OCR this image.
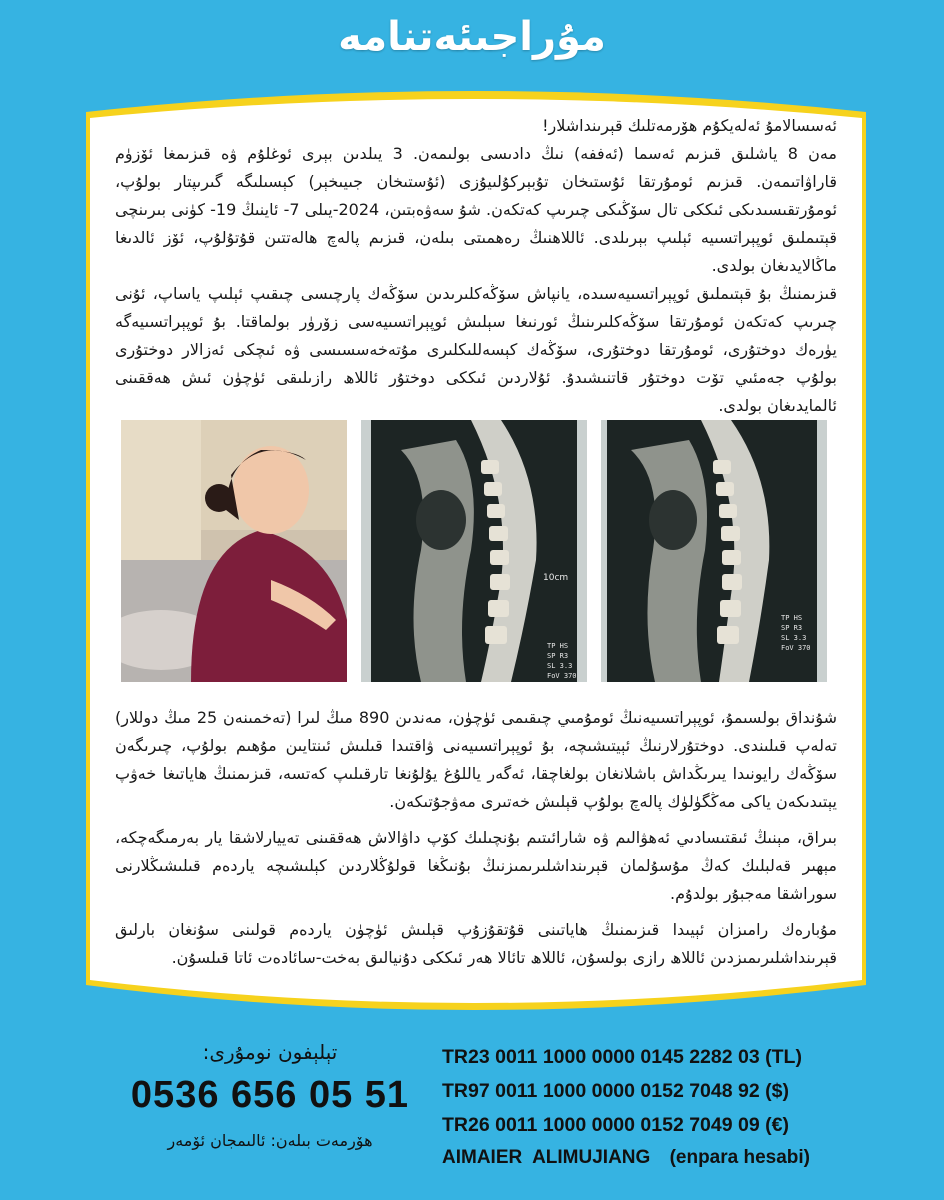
مۇراجىئەتنامە

ئەسسالامۇ ئەلەيكۇم ھۆرمەتلىك قېرىنداشلار!

مەن 8 ياشلىق قىزىم ئەسما (ئەففە) نىڭ دادىسى بولىمەن. 3 يىلدىن بېرى ئوغلۇم ۋە قىزىمغا ئۆزۈم قاراۋاتىمەن. قىزىم ئومۇرتقا ئۇستىخان تۇبېركۇلىيۇزى (ئۇستىخان جىيىخېر) كېسىلىگە گىرىپتار بولۇپ، ئومۇرتقىسىدىكى ئىككى تال سۆڭىكى چىرىپ كەتكەن. شۇ سەۋەبتىن، 2024-يىلى 7- ئاينىڭ 19- كۈنى بىرىنچى قېتىملىق ئوپېراتسىيە ئېلىپ بېرىلدى. ئاللاھنىڭ رەھمىتى بىلەن، قىزىم پالەچ ھالەتتىن قۇتۇلۇپ، ئۆز ئالدىغا ماڭالايدىغان بولدى.

قىزىمنىڭ بۇ قېتىملىق ئوپېراتسىيەسىدە، يانپاش سۆڭەكلىرىدىن سۆڭەك پارچىسى چىقىپ ئېلىپ ياساپ، ئۇنى چىرىپ كەتكەن ئومۇرتقا سۆڭەكلىرىنىڭ ئورنىغا سېلىش ئوپېراتسىيەسى زۆرۈر بولماقتا. بۇ ئوپېراتسىيەگە يۈرەك دوختۇرى، ئومۇرتقا دوختۇرى، سۆڭەك كېسەللىكلىرى مۇتەخەسسىسى ۋە ئىچكى ئەزالار دوختۇرى بولۇپ جەمئىي تۆت دوختۇر قاتنىشىدۇ. ئۇلاردىن ئىككى دوختۇر ئاللاھ رازىلىقى ئۈچۈن ئىش ھەققىنى ئالمايدىغان بولدى.

10cm
TP HS
SP R3
SL 3.3
FoV 370
TP HS
SP R3
SL 3.3
FoV 370

شۇنداق بولسىمۇ، ئوپېراتسىيەنىڭ ئومۇمىي چىقىمى ئۈچۈن، مەندىن 890 مىڭ لىرا (تەخمىنەن 25 مىڭ دوللار) تەلەپ قىلىندى. دوختۇرلارنىڭ ئېيتىشىچە، بۇ ئوپېراتسىيەنى ۋاقتىدا قىلىش ئىنتايىن مۇھىم بولۇپ، چىرىگەن سۆڭەك رايونىدا يىرىڭداش باشلانغان بولغاچقا، ئەگەر ياللۇغ يۇلۇنغا تارقىلىپ كەتسە، قىزىمنىڭ ھاياتىغا خەۋپ يېتىدىكەن ياكى مەڭگۈلۈك پالەچ بولۇپ قېلىش خەتىرى مەۋجۇتىكەن.

بىراق، مېنىڭ ئىقتىسادىي ئەھۋالىم ۋە شارائىتىم بۇنچىلىك كۆپ داۋالاش ھەققىنى تەييارلاشقا يار بەرمىگەچكە، مېھىر قەلبلىك كەڭ مۇسۇلمان قېرىنداشلىرىمىزنىڭ بۇنىڭغا قولۇڭلاردىن كېلىشىچە ياردەم قىلىشىڭلارنى سوراشقا مەجبۇر بولدۇم.

مۇبارەك رامىزان ئېيىدا قىزىمنىڭ ھاياتىنى قۇتقۇزۇپ قېلىش ئۈچۈن ياردەم قولىنى سۇنغان بارلىق قېرىنداشلىرىمىزدىن ئاللاھ رازى بولسۇن، ئاللاھ تائالا ھەر ئىككى دۇنيالىق بەخت-سائادەت ئاتا قىلسۇن.

تېلېفون نومۇرى:
0536 656 05 51
ھۆرمەت بىلەن: ئالىمجان ئۆمەر
TR23 0011 1000 0000 0145 2282 03 (TL)
TR97 0011 1000 0000 0152 7048 92 ($)
TR26 0011 1000 0000 0152 7049 09 (€)
AIMAIER  ALIMUJIANG (enpara hesabi)
